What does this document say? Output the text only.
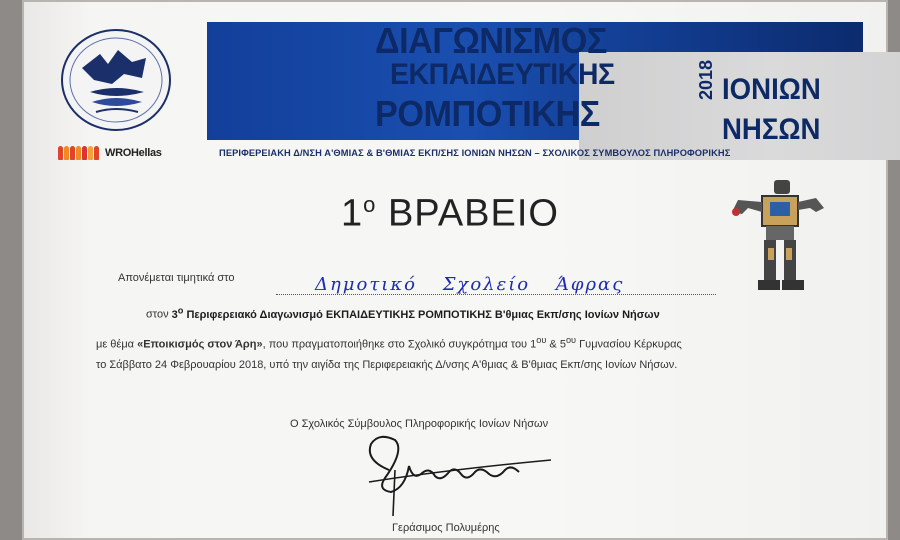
WROHellas
ΔΙΑΓΩΝΙΣΜΟΣ
ΕΚΠΑΙΔΕΥΤΙΚΗΣ
ΡΟΜΠΟΤΙΚΗΣ
2018 ΙΟΝΙΩΝ
ΝΗΣΩΝ
ΠΕΡΙΦΕΡΕΙΑΚΗ Δ/ΝΣΗ Α'ΘΜΙΑΣ & Β'ΘΜΙΑΣ ΕΚΠ/ΣΗΣ ΙΟΝΙΩΝ ΝΗΣΩΝ – ΣΧΟΛΙΚΟΣ ΣΥΜΒΟΥΛΟΣ ΠΛΗΡΟΦΟΡΙΚΗΣ
$1^o$ ΒΡΑΒΕΙΟ
Απονέμεται τιμητικά στο	Δημοτικό Σχολείο Άφρας
στον $3^o$ Περιφερειακό Διαγωνισμό ΕΚΠΑΙΔΕΥΤΙΚΗΣ ΡΟΜΠΟΤΙΚΗΣ Β'θμιας Εκπ/σης Ιονίων Νήσων
με θέμα «Εποικισμός στον Άρη», που πραγματοποιήθηκε στο Σχολικό συγκρότημα του $1^{o\upsilon}$ & $5^{o\upsilon}$ Γυμνασίου Κέρκυρας
το Σάββατο 24 Φεβρουαρίου 2018, υπό την αιγίδα της Περιφερειακής Δ/νσης Α'θμιας & Β'θμιας Εκπ/σης Ιονίων Νήσων.
Ο Σχολικός Σύμβουλος Πληροφορικής Ιονίων Νήσων
Γεράσιμος Πολυμέρης
